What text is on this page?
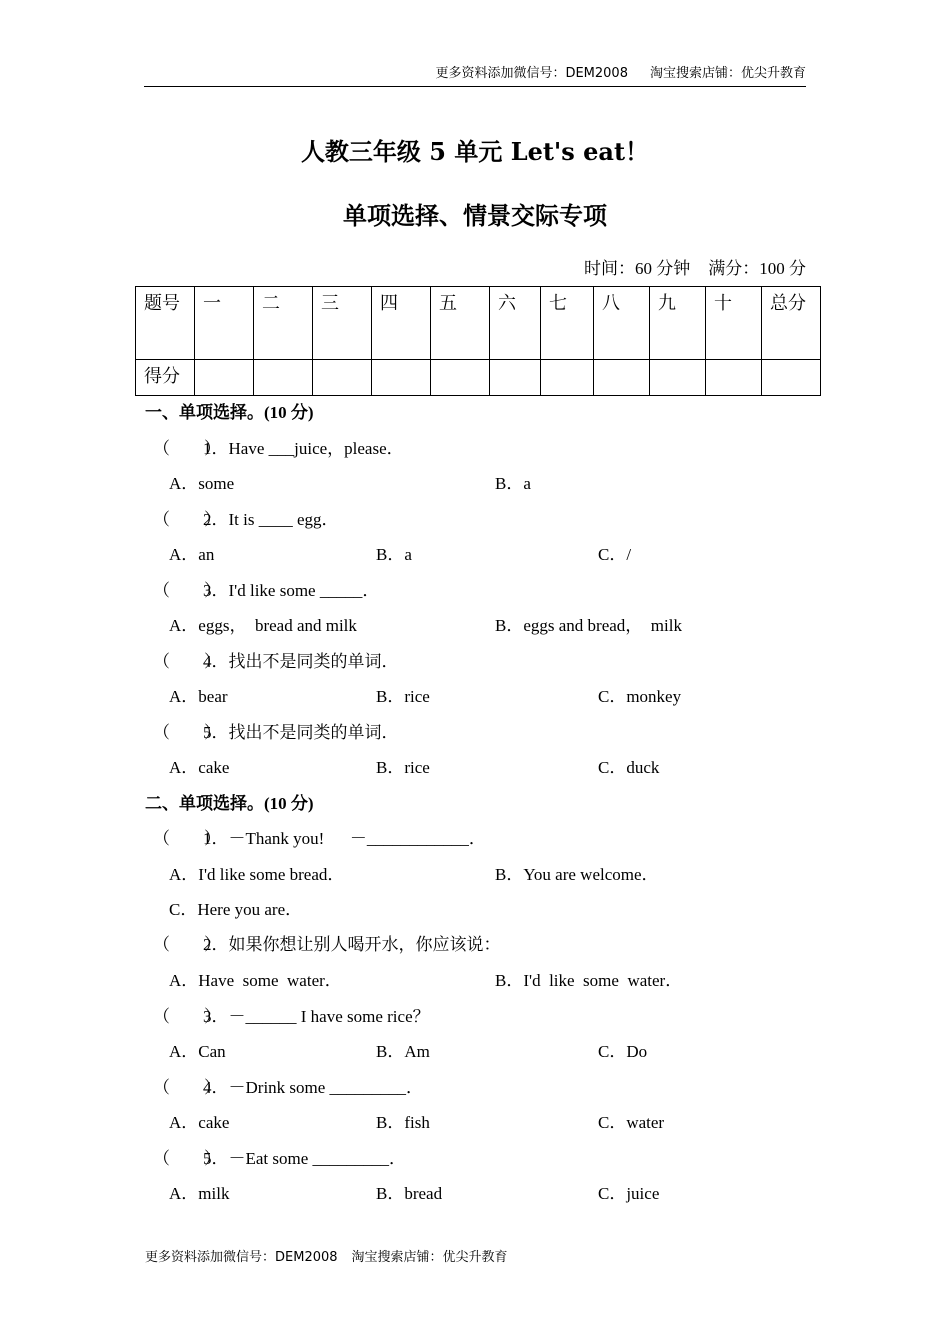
更多资料添加微信号：DEM2008 淘宝搜索店铺：优尖升教育
人教三年级 5 单元 Let's eat！
单项选择、情景交际专项
时间：60 分钟 满分：100 分
题号	一	二	三	四	五	六	七	八	九	十	总分
得分											
一、单项选择。(10 分)
（　　）1．Have ___juice，please．
A．some	B．a
（　　）2．It is ____ egg．
A．an	B．a	C．/
（　　）3．I'd like some _____．
A．eggs，  bread and milk	B．eggs and bread，  milk
（　　）4．找出不是同类的单词．
A．bear	B．rice	C．monkey
（　　）5．找出不是同类的单词．
A．cake	B．rice	C．duck
二、单项选择。(10 分)
（　　）1．－Thank you!      －____________．
A．I'd like some bread．	B．You are welcome．
C．Here you are．
（　　）2．如果你想让别人喝开水，你应该说：
A．Have  some  water．	B．I'd  like  some  water．
（　　）3．－______ I have some rice？
A．Can	B．Am	C．Do
（　　）4．－Drink some _________．
A．cake	B．fish	C．water
（　　）5．－Eat some _________．
A．milk	B．bread	C．juice
更多资料添加微信号：DEM2008 淘宝搜索店铺：优尖升教育
